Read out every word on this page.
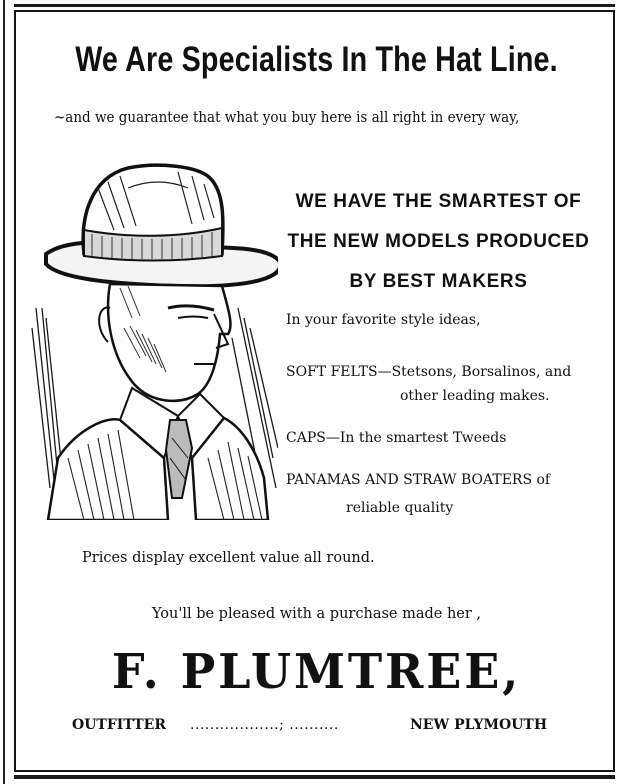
We Are Specialists In The Hat Line.
~and we guarantee that what you buy here is all right in every way,
WE HAVE THE SMARTEST OF
THE NEW MODELS PRODUCED
BY BEST MAKERS
In your favorite style ideas,
SOFT FELTS—Stetsons, Borsalinos, and
other leading makes.
CAPS—In the smartest Tweeds
PANAMAS AND STRAW BOATERS of
reliable quality
Prices display excellent value all round.
You'll be pleased with a purchase made her ,
F. PLUMTREE,
OUTFITTER ..................; ..........	NEW PLYMOUTH
